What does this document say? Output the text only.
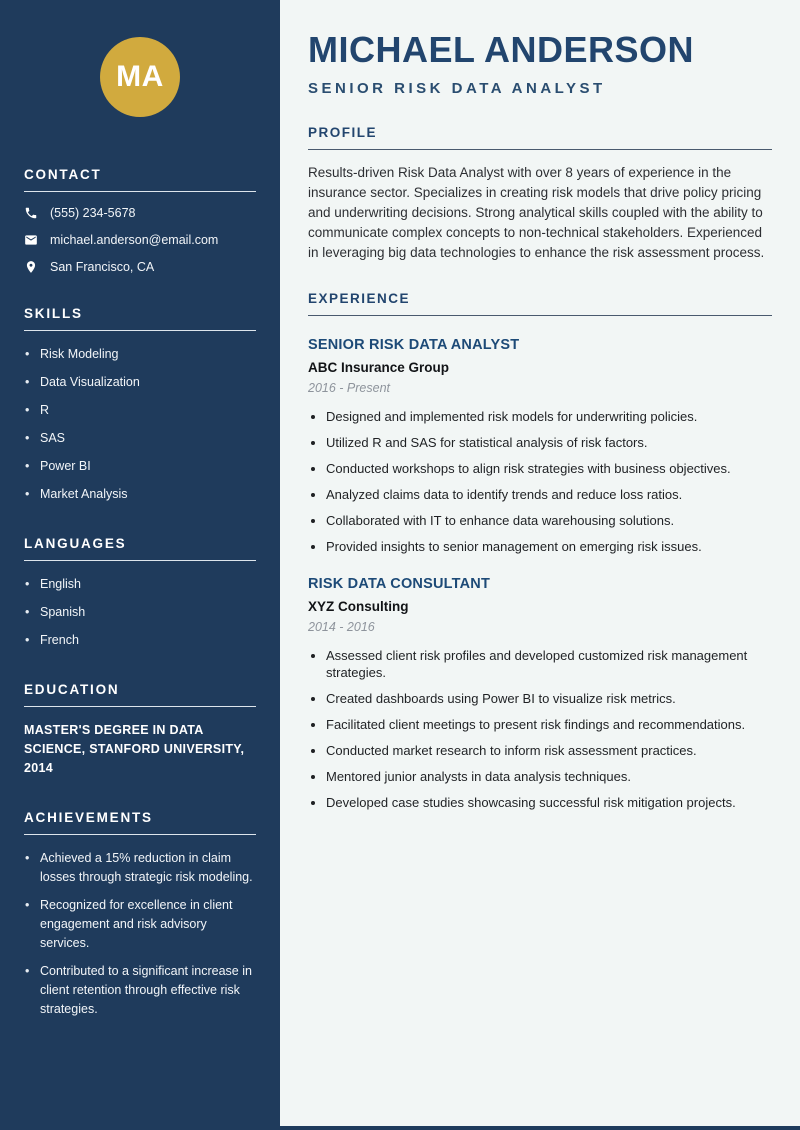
MA
CONTACT
(555) 234-5678
michael.anderson@email.com
San Francisco, CA
SKILLS
• Risk Modeling
• Data Visualization
• R
• SAS
• Power BI
• Market Analysis
LANGUAGES
• English
• Spanish
• French
EDUCATION
MASTER'S DEGREE IN DATA SCIENCE, STANFORD UNIVERSITY, 2014
ACHIEVEMENTS
• Achieved a 15% reduction in claim losses through strategic risk modeling.
• Recognized for excellence in client engagement and risk advisory services.
• Contributed to a significant increase in client retention through effective risk strategies.
MICHAEL ANDERSON
SENIOR RISK DATA ANALYST
PROFILE

Results-driven Risk Data Analyst with over 8 years of experience in the insurance sector. Specializes in creating risk models that drive policy pricing and underwriting decisions. Strong analytical skills coupled with the ability to communicate complex concepts to non-technical stakeholders. Experienced in leveraging big data technologies to enhance the risk assessment process.

EXPERIENCE
SENIOR RISK DATA ANALYST
ABC Insurance Group
2016 - Present
• Designed and implemented risk models for underwriting policies.
• Utilized R and SAS for statistical analysis of risk factors.
• Conducted workshops to align risk strategies with business objectives.
• Analyzed claims data to identify trends and reduce loss ratios.
• Collaborated with IT to enhance data warehousing solutions.
• Provided insights to senior management on emerging risk issues.
RISK DATA CONSULTANT
XYZ Consulting
2014 - 2016
• Assessed client risk profiles and developed customized risk management strategies.
• Created dashboards using Power BI to visualize risk metrics.
• Facilitated client meetings to present risk findings and recommendations.
• Conducted market research to inform risk assessment practices.
• Mentored junior analysts in data analysis techniques.
• Developed case studies showcasing successful risk mitigation projects.
